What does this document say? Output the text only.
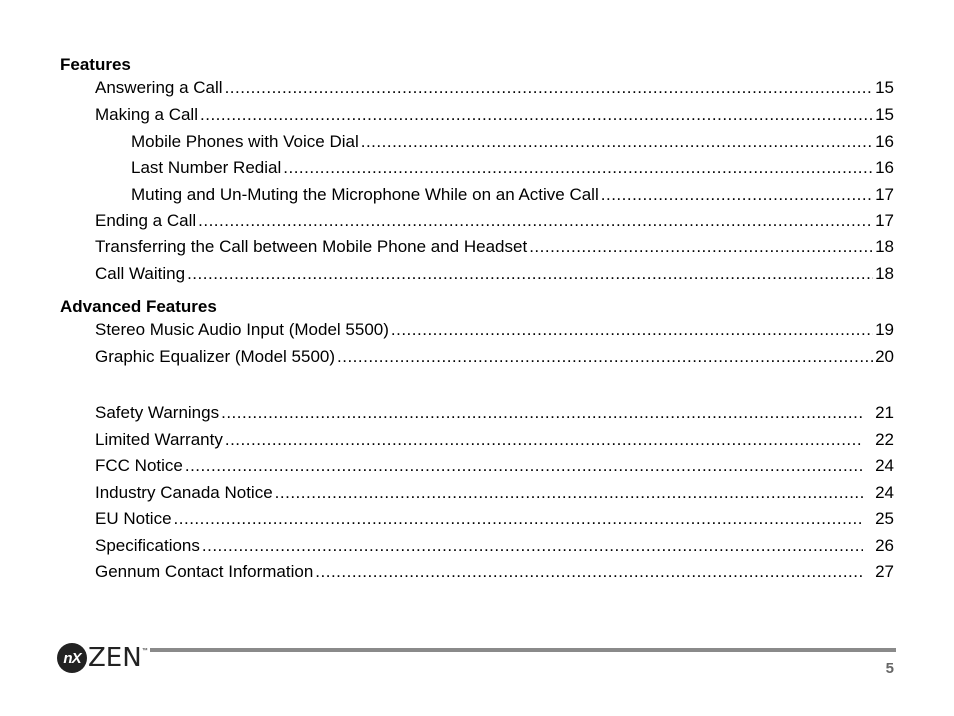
Features
Answering a Call .....	15
Making a Call .....	15
Mobile Phones with Voice Dial .....	16
Last Number Redial .....	16
Muting and Un-Muting the Microphone While on an Active Call .....	17
Ending a Call .....	17
Transferring the Call between Mobile Phone and Headset .....	18
Call Waiting .....	18
Advanced Features
Stereo Music Audio Input (Model 5500) .....	19
Graphic Equalizer (Model 5500) .....	20
Safety Warnings .....	21
Limited Warranty .....	22
FCC Notice .....	24
Industry Canada Notice .....	24
EU Notice .....	25
Specifications .....	26
Gennum Contact Information .....	27
nX ZEN ™
5
